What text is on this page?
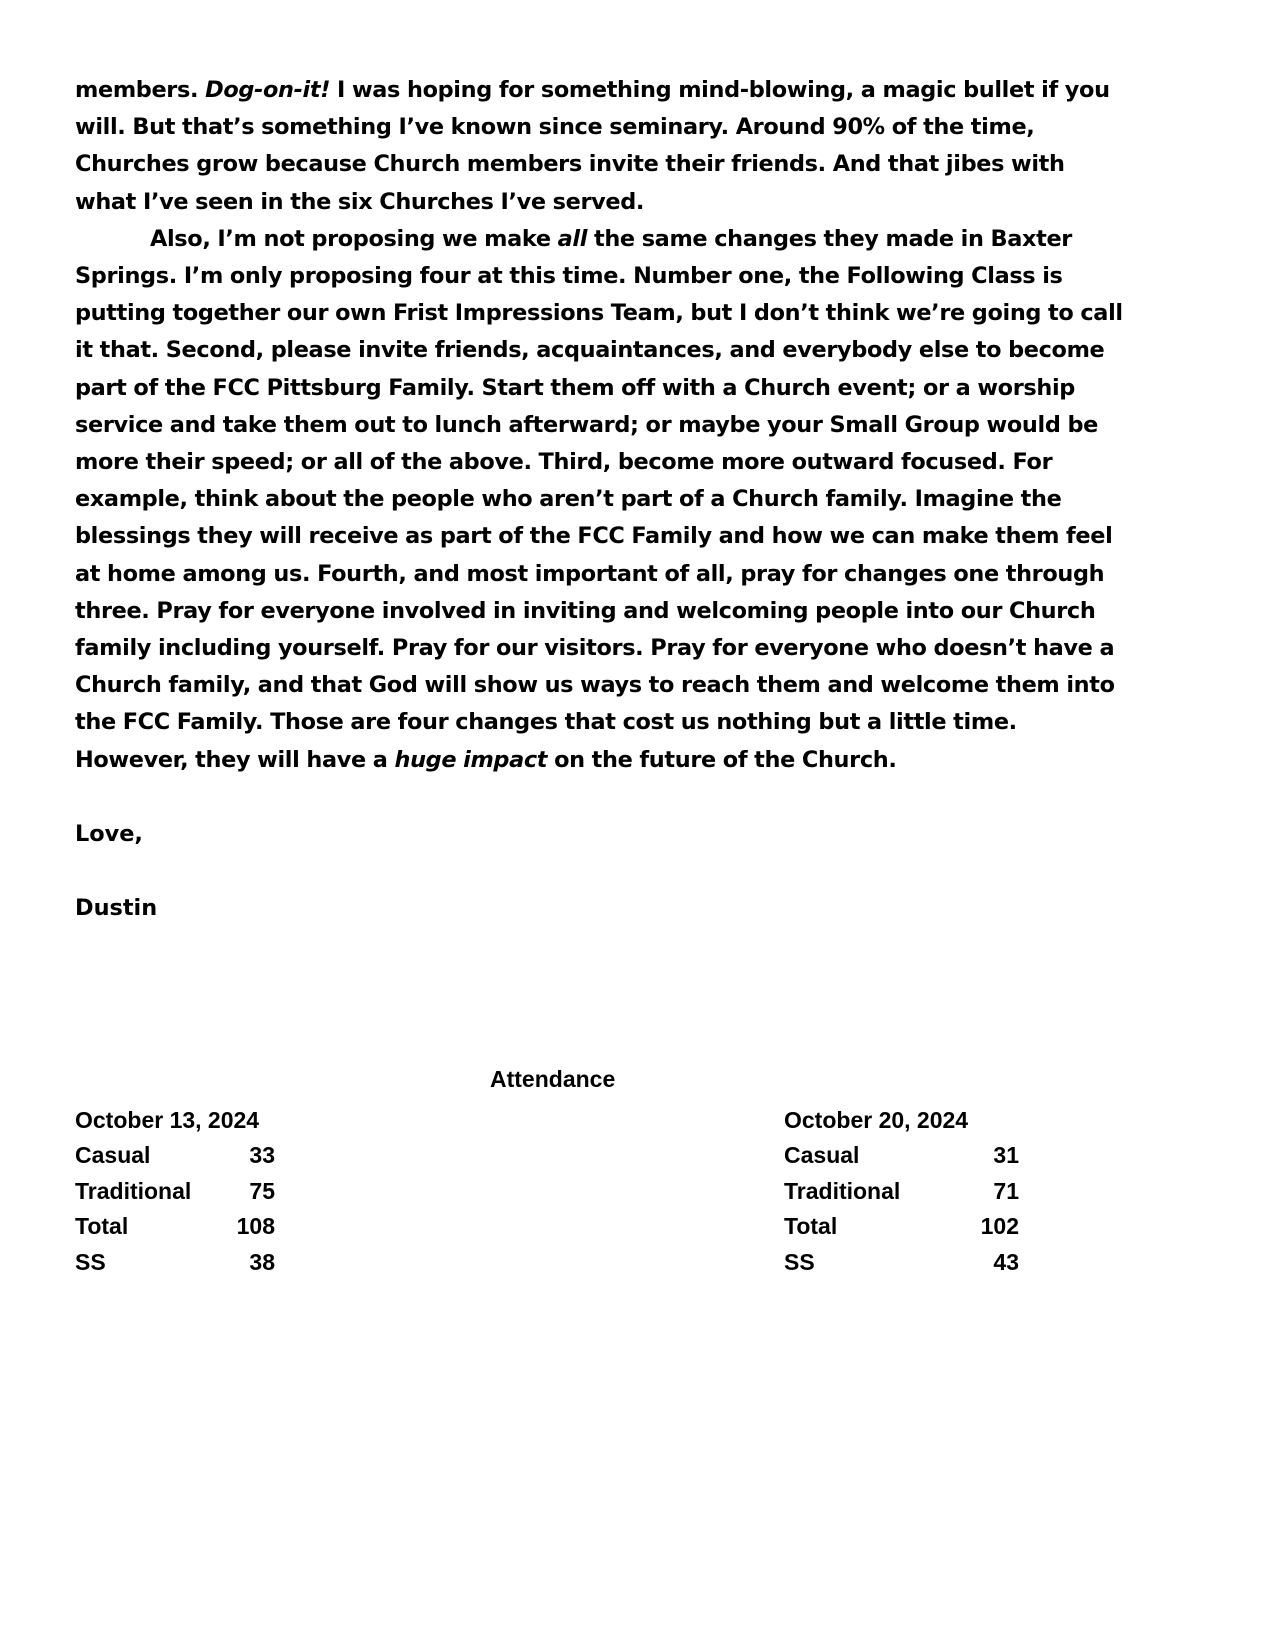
members. Dog-on-it! I was hoping for something mind-blowing, a magic bullet if you
will. But that’s something I’ve known since seminary. Around 90% of the time,
Churches grow because Church members invite their friends. And that jibes with
what I’ve seen in the six Churches I’ve served.
Also, I’m not proposing we make all the same changes they made in Baxter
Springs. I’m only proposing four at this time. Number one, the Following Class is
putting together our own Frist Impressions Team, but I don’t think we’re going to call
it that. Second, please invite friends, acquaintances, and everybody else to become
part of the FCC Pittsburg Family. Start them off with a Church event; or a worship
service and take them out to lunch afterward; or maybe your Small Group would be
more their speed; or all of the above. Third, become more outward focused. For
example, think about the people who aren’t part of a Church family. Imagine the
blessings they will receive as part of the FCC Family and how we can make them feel
at home among us. Fourth, and most important of all, pray for changes one through
three. Pray for everyone involved in inviting and welcoming people into our Church
family including yourself. Pray for our visitors. Pray for everyone who doesn’t have a
Church family, and that God will show us ways to reach them and welcome them into
the FCC Family. Those are four changes that cost us nothing but a little time.
However, they will have a huge impact on the future of the Church.

Love,

Dustin

Attendance
October 13, 2024
Casual	33
Traditional	75
Total	108
SS	38
October 20, 2024
Casual	31
Traditional	71
Total	102
SS	43
